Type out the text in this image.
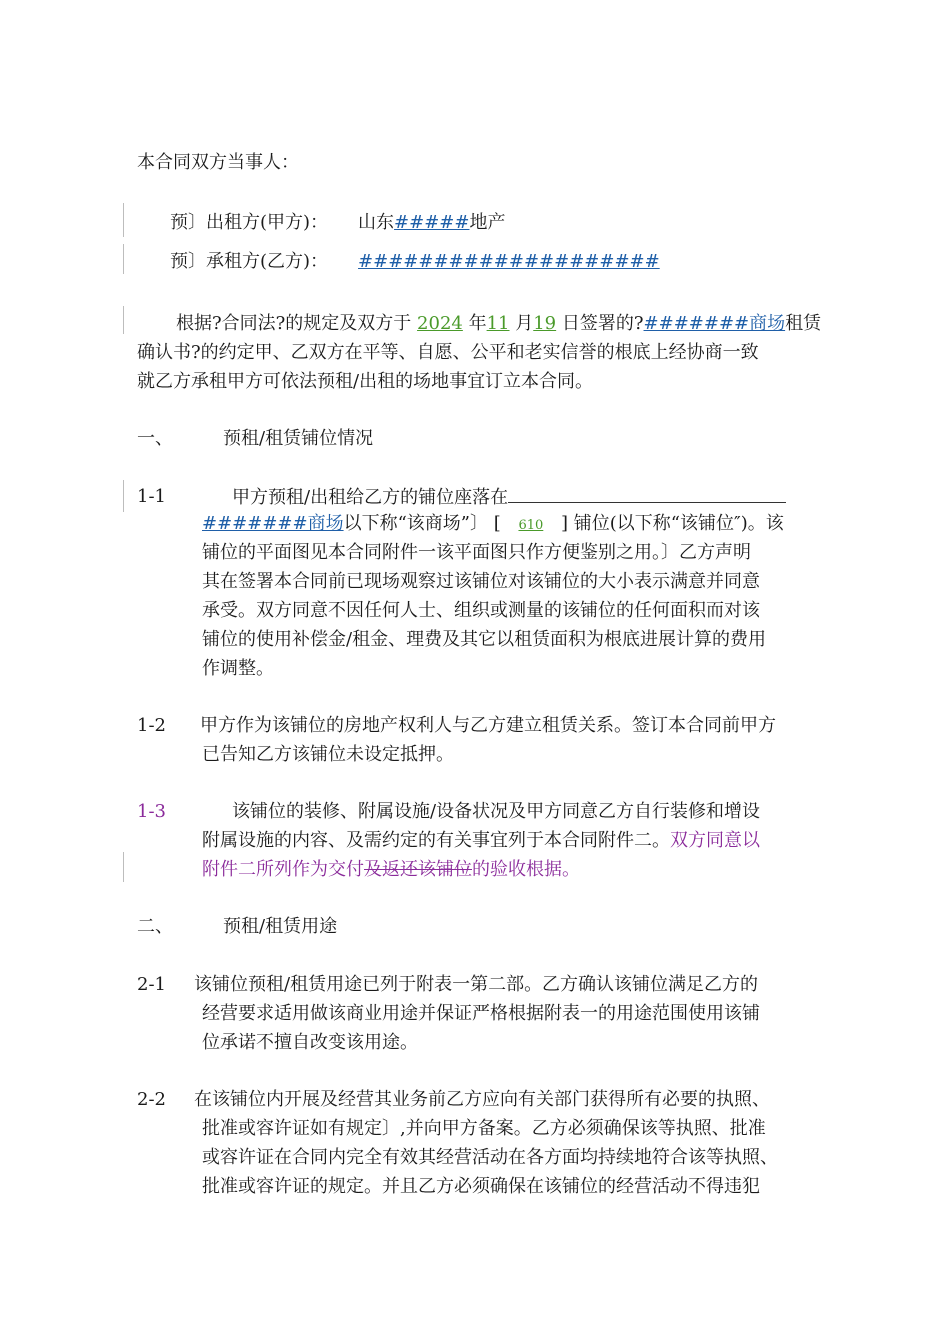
本合同双方当事人：
预〕出租方(甲方)： 山东#####地产
预〕承租方(乙方)： ####################
根据?合同法?的规定及双方于 2024 年11 月19 日签署的?#######商场租赁
确认书?的约定甲、乙双方在平等、自愿、公平和老实信誉的根底上经协商一致
就乙方承租甲方可依法预租/出租的场地事宜订立本合同。
一、	预租/租赁铺位情况
1-1	甲方预租/出租给乙方的铺位座落在
#######商场以下称“该商场”〕 [ 610 ] 铺位(以下称“该铺位″)。该
铺位的平面图见本合同附件一该平面图只作方便鉴别之用。〕乙方声明
其在签署本合同前已现场观察过该铺位对该铺位的大小表示满意并同意
承受。双方同意不因任何人士、组织或测量的该铺位的任何面积而对该
铺位的使用补偿金/租金、理费及其它以租赁面积为根底进展计算的费用
作调整。
1-2 甲方作为该铺位的房地产权利人与乙方建立租赁关系。签订本合同前甲方
已告知乙方该铺位未设定抵押。
1-3	该铺位的装修、附属设施/设备状况及甲方同意乙方自行装修和增设
附属设施的内容、及需约定的有关事宜列于本合同附件二。双方同意以
附件二所列作为交付及返还该铺位的验收根据。
二、	预租/租赁用途
2-1 该铺位预租/租赁用途已列于附表一第二部。乙方确认该铺位满足乙方的
经营要求适用做该商业用途并保证严格根据附表一的用途范围使用该铺
位承诺不擅自改变该用途。
2-2 在该铺位内开展及经营其业务前乙方应向有关部门获得所有必要的执照、
批准或容许证如有规定〕,并向甲方备案。乙方必须确保该等执照、批准
或容许证在合同内完全有效其经营活动在各方面均持续地符合该等执照、
批准或容许证的规定。并且乙方必须确保在该铺位的经营活动不得违犯
